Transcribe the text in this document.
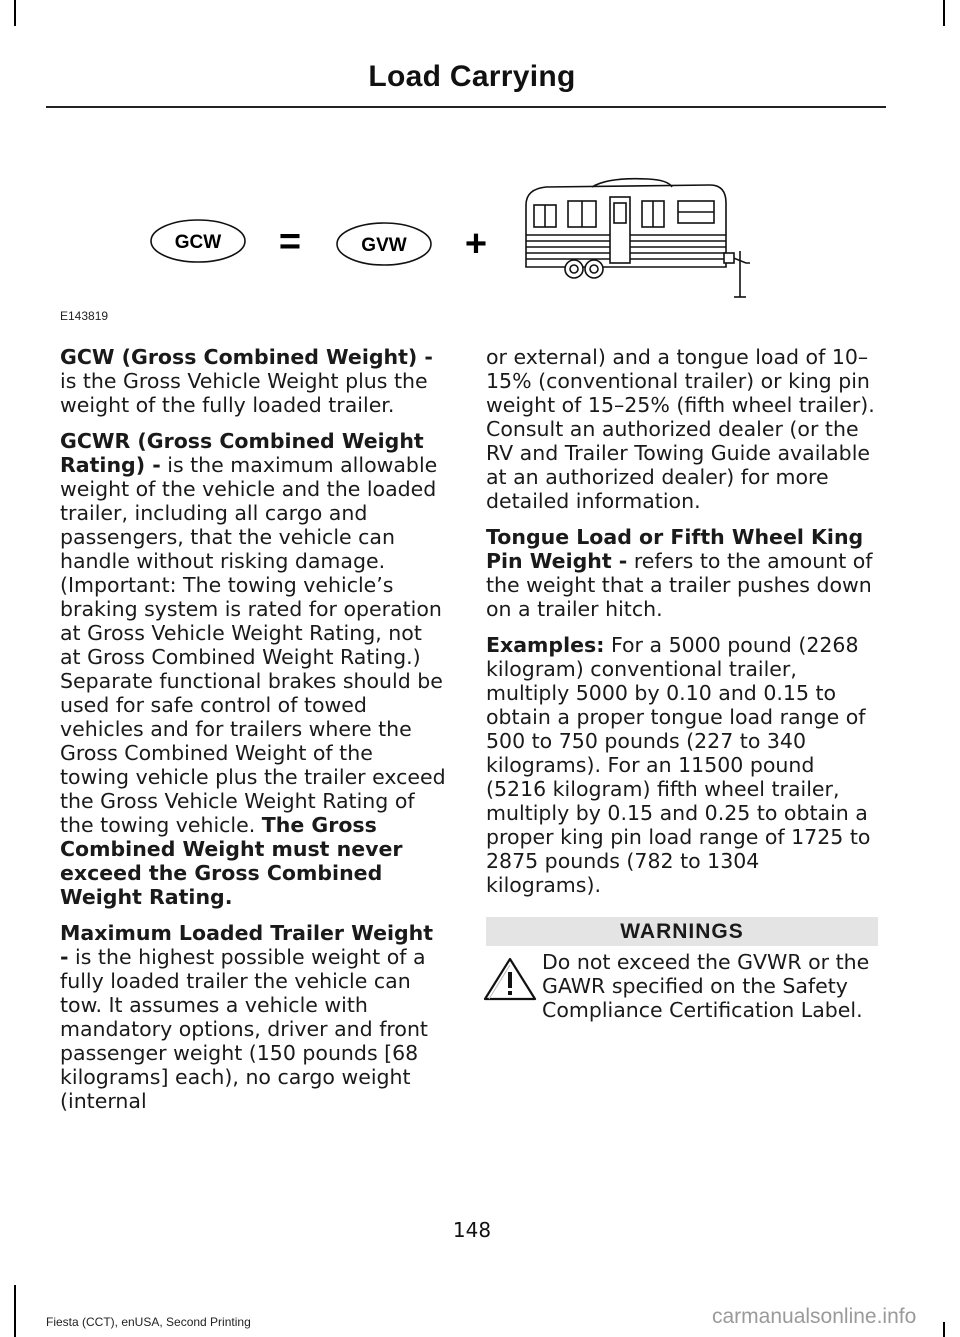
Load Carrying
GCW =	GVW +
E143819

GCW (Gross Combined Weight) - is the Gross Vehicle Weight plus the weight of the fully loaded trailer.

GCWR (Gross Combined Weight Rating) - is the maximum allowable weight of the vehicle and the loaded trailer, including all cargo and passengers, that the vehicle can handle without risking damage. (Important: The towing vehicle’s braking system is rated for operation at Gross Vehicle Weight Rating, not at Gross Combined Weight Rating.) Separate functional brakes should be used for safe control of towed vehicles and for trailers where the Gross Combined Weight of the towing vehicle plus the trailer exceed the Gross Vehicle Weight Rating of the towing vehicle. The Gross Combined Weight must never exceed the Gross Combined Weight Rating.

Maximum Loaded Trailer Weight - is the highest possible weight of a fully loaded trailer the vehicle can tow. It assumes a vehicle with mandatory options, driver and front passenger weight (150 pounds [68 kilograms] each), no cargo weight (internal

or external) and a tongue load of 10–15% (conventional trailer) or king pin weight of 15–25% (fifth wheel trailer). Consult an authorized dealer (or the RV and Trailer Towing Guide available at an authorized dealer) for more detailed information.

Tongue Load or Fifth Wheel King Pin Weight - refers to the amount of the weight that a trailer pushes down on a trailer hitch.

Examples: For a 5000 pound (2268 kilogram) conventional trailer, multiply 5000 by 0.10 and 0.15 to obtain a proper tongue load range of 500 to 750 pounds (227 to 340 kilograms). For an 11500 pound (5216 kilogram) fifth wheel trailer, multiply by 0.15 and 0.25 to obtain a proper king pin load range of 1725 to 2875 pounds (782 to 1304 kilograms).

WARNINGS
Do not exceed the GVWR or the GAWR specified on the Safety Compliance Certification Label.
148
Fiesta (CCT), enUSA, Second Printing	carmanualsonline.info
